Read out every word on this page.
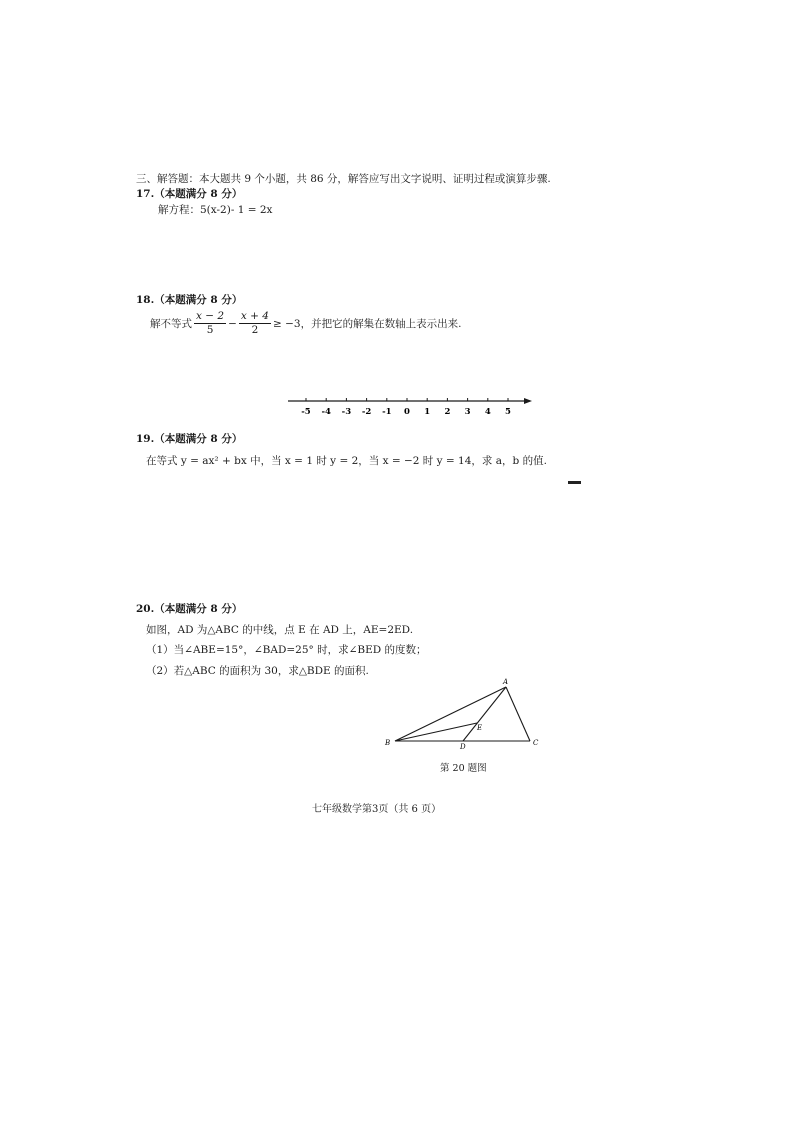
三、解答题：本大题共 9 个小题，共 86 分，解答应写出文字说明、证明过程或演算步骤.
17.（本题满分 8 分）
解方程：5(x-2)- 1 = 2x
18.（本题满分 8 分）
解不等式 $\frac{x - 2}{5} - \frac{x + 4}{2} \ge -3$，并把它的解集在数轴上表示出来.
-5 -4 -3 -2 -1 0 1 2 3 4 5
19.（本题满分 8 分）
在等式 y = ax² + bx 中，当 x = 1 时 y = 2，当 x = −2 时 y = 14，求 a，b 的值.
20.（本题满分 8 分）
如图，AD 为△ABC 的中线，点 E 在 AD 上，AE=2ED.
（1）当∠ABE=15°，∠BAD=25° 时，求∠BED 的度数；
（2）若△ABC 的面积为 30，求△BDE 的面积.
A
B	C
D
E
第 20 题图
七年级数学第3页（共 6 页）
